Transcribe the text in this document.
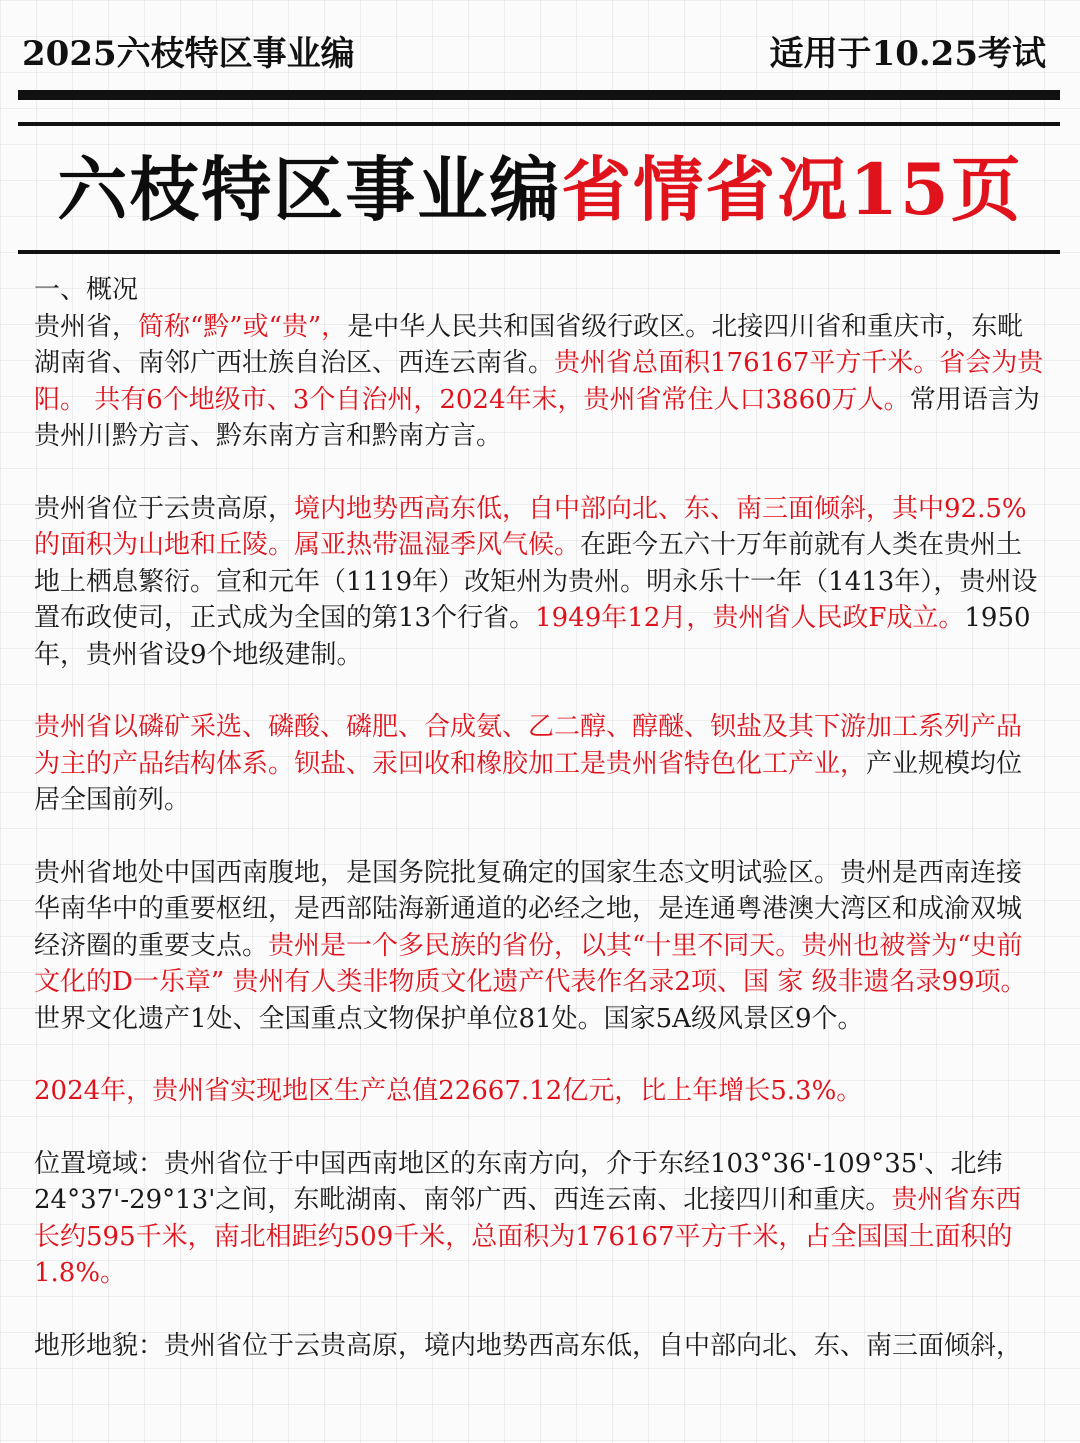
2025六枝特区事业编	适用于10.25考试
六枝特区事业编省情省况15页
一、概况

贵州省，简称“黔”或“贵”，是中华人民共和国省级行政区。北接四川省和重庆市，东毗湖南省、南邻广西壮族自治区、西连云南省。贵州省总面积176167平方千米。省会为贵阳。 共有6个地级市、3个自治州，2024年末，贵州省常住人口3860万人。常用语言为贵州川黔方言、黔东南方言和黔南方言。

贵州省位于云贵高原，境内地势西高东低，自中部向北、东、南三面倾斜，其中92.5%的面积为山地和丘陵。属亚热带温湿季风气候。在距今五六十万年前就有人类在贵州土地上栖息繁衍。宣和元年（1119年）改矩州为贵州。明永乐十一年（1413年），贵州设置布政使司，正式成为全国的第13个行省。1949年12月，贵州省人民政F成立。1950年，贵州省设9个地级建制。

贵州省以磷矿采选、磷酸、磷肥、合成氨、乙二醇、醇醚、钡盐及其下游加工系列产品为主的产品结构体系。钡盐、汞回收和橡胶加工是贵州省特色化工产业，产业规模均位居全国前列。

贵州省地处中国西南腹地，是国务院批复确定的国家生态文明试验区。贵州是西南连接华南华中的重要枢纽，是西部陆海新通道的必经之地，是连通粤港澳大湾区和成渝双城经济圈的重要支点。贵州是一个多民族的省份，以其“十里不同天。贵州也被誉为“史前文化的D一乐章” 贵州有人类非物质文化遗产代表作名录2项、国 家 级非遗名录99项。世界文化遗产1处、全国重点文物保护单位81处。国家5A级风景区9个。

2024年，贵州省实现地区生产总值22667.12亿元，比上年增长5.3%。

位置境域：贵州省位于中国西南地区的东南方向，介于东经103°36'-109°35'、北纬24°37'-29°13'之间，东毗湖南、南邻广西、西连云南、北接四川和重庆。贵州省东西长约595千米，南北相距约509千米，总面积为176167平方千米，占全国国土面积的1.8%。

地形地貌：贵州省位于云贵高原，境内地势西高东低，自中部向北、东、南三面倾斜，
